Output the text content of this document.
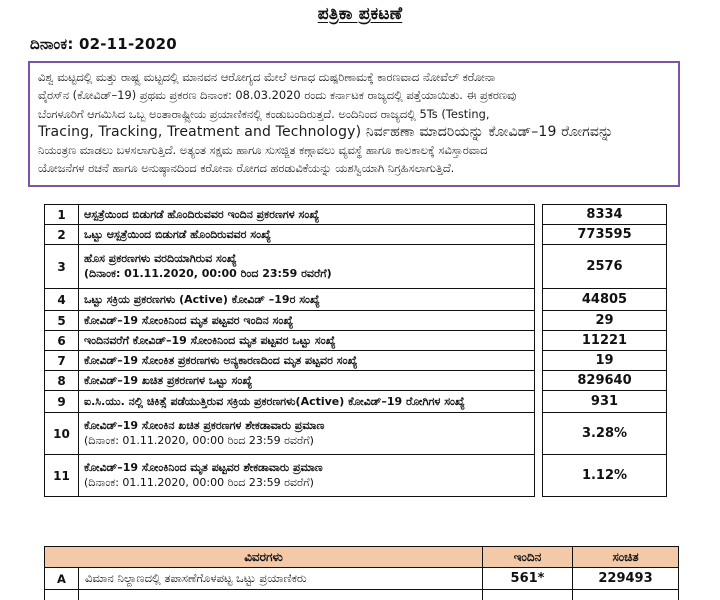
ಪತ್ರಿಕಾ ಪ್ರಕಟಣೆ
ದಿನಾಂಕ: 02-11-2020
ವಿಶ್ವ ಮಟ್ಟದಲ್ಲಿ ಮತ್ತು ರಾಷ್ಟ್ರ ಮಟ್ಟದಲ್ಲಿ ಮಾನವನ ಆರೋಗ್ಯದ ಮೇಲೆ ಅಗಾಧ ದುಷ್ಪರಿಣಾಮಕ್ಕೆ ಕಾರಣವಾದ ನೋವೆಲ್ ಕರೋನಾ
ವೈರಸ್‌ನ (ಕೋವಿಡ್–19) ಪ್ರಥಮ ಪ್ರಕರಣ ದಿನಾಂಕ: 08.03.2020 ರಂದು ಕರ್ನಾಟಕ ರಾಜ್ಯದಲ್ಲಿ ಪತ್ತೆಯಾಯಿತು. ಈ ಪ್ರಕರಣವು
ಬೆಂಗಳೂರಿಗೆ ಆಗಮಿಸಿದ ಒಬ್ಬ ಅಂತಾರಾಷ್ಟ್ರೀಯ ಪ್ರಯಾಣಿಕನಲ್ಲಿ ಕಂಡುಬಂದಿರುತ್ತದೆ. ಅಂದಿನಿಂದ ರಾಜ್ಯದಲ್ಲಿ 5Ts (Testing,
Tracing, Tracking, Treatment and Technology) ನಿರ್ವಹಣಾ ಮಾದರಿಯನ್ನು ಕೋವಿಡ್–19 ರೋಗವನ್ನು
ನಿಯಂತ್ರಣ ಮಾಡಲು ಬಳಸಲಾಗುತ್ತಿದೆ. ಅತ್ಯಂತ ಸಕ್ಷಮ ಹಾಗೂ ಸುಸಜ್ಜಿತ ಕಣ್ಗಾವಲು ವ್ಯವಸ್ಥೆ ಹಾಗೂ ಕಾಲಕಾಲಕ್ಕೆ ಸವಿಸ್ತಾರವಾದ
ಯೋಜನೆಗಳ ರಚನೆ ಹಾಗೂ ಅನುಷ್ಠಾನದಿಂದ ಕರೋನಾ ರೋಗದ ಹರಡುವಿಕೆಯನ್ನು ಯಶಸ್ವಿಯಾಗಿ ನಿಗ್ರಹಿಸಲಾಗುತ್ತಿದೆ.
1	ಆಸ್ಪತ್ರೆಯಿಂದ ಬಿಡುಗಡೆ ಹೊಂದಿರುವವರ ಇಂದಿನ ಪ್ರಕರಣಗಳ ಸಂಖ್ಯೆ		8334
2	ಒಟ್ಟು ಆಸ್ಪತ್ರೆಯಿಂದ ಬಿಡುಗಡೆ ಹೊಂದಿರುವವರ ಸಂಖ್ಯೆ		773595
3	ಹೊಸ ಪ್ರಕರಣಗಳು ವರದಿಯಾಗಿರುವ ಸಂಖ್ಯೆ
(ದಿನಾಂಕ: 01.11.2020, 00:00 ರಿಂದ 23:59 ರವರೆಗೆ)		2576
4	ಒಟ್ಟು ಸಕ್ರಿಯ ಪ್ರಕರಣಗಳು (Active) ಕೋವಿಡ್ –19ರ ಸಂಖ್ಯೆ		44805
5	ಕೋವಿಡ್–19 ಸೋಂಕಿನಿಂದ ಮೃತ ಪಟ್ಟವರ ಇಂದಿನ ಸಂಖ್ಯೆ		29
6	ಇಂದಿನವರೆಗೆ ಕೋವಿಡ್–19 ಸೋಂಕಿನಿಂದ ಮೃತ ಪಟ್ಟವರ ಒಟ್ಟು ಸಂಖ್ಯೆ		11221
7	ಕೋವಿಡ್–19 ಸೋಂಕಿತ ಪ್ರಕರಣಗಳು ಅನ್ಯಕಾರಣದಿಂದ ಮೃತ ಪಟ್ಟವರ ಸಂಖ್ಯೆ		19
8	ಕೋವಿಡ್–19 ಖಚಿತ ಪ್ರಕರಣಗಳ ಒಟ್ಟು ಸಂಖ್ಯೆ		829640
9	ಐ.ಸಿ.ಯು. ನಲ್ಲಿ ಚಿಕಿತ್ಸೆ ಪಡೆಯುತ್ತಿರುವ ಸಕ್ರಿಯ ಪ್ರಕರಣಗಳು(Active) ಕೋವಿಡ್–19 ರೋಗಿಗಳ ಸಂಖ್ಯೆ		931
10	ಕೋವಿಡ್–19 ಸೋಂಕಿನ ಖಚಿತ ಪ್ರಕರಣಗಳ ಶೇಕಡಾವಾರು ಪ್ರಮಾಣ
(ದಿನಾಂಕ: 01.11.2020, 00:00 ರಿಂದ 23:59 ರವರೆಗೆ)		3.28%
11	ಕೋವಿಡ್–19 ಸೋಂಕಿನಿಂದ ಮೃತ ಪಟ್ಟವರ ಶೇಕಡಾವಾರು ಪ್ರಮಾಣ
(ದಿನಾಂಕ: 01.11.2020, 00:00 ರಿಂದ 23:59 ರವರೆಗೆ)		1.12%
ವಿವರಗಳು		ಇಂದಿನ	ಸಂಚಿತ
A	ವಿಮಾನ ನಿಲ್ದಾಣದಲ್ಲಿ ತಪಾಸಣೆಗೊಳಪಟ್ಟ ಒಟ್ಟು ಪ್ರಯಾಣಿಕರು	561*	229493
